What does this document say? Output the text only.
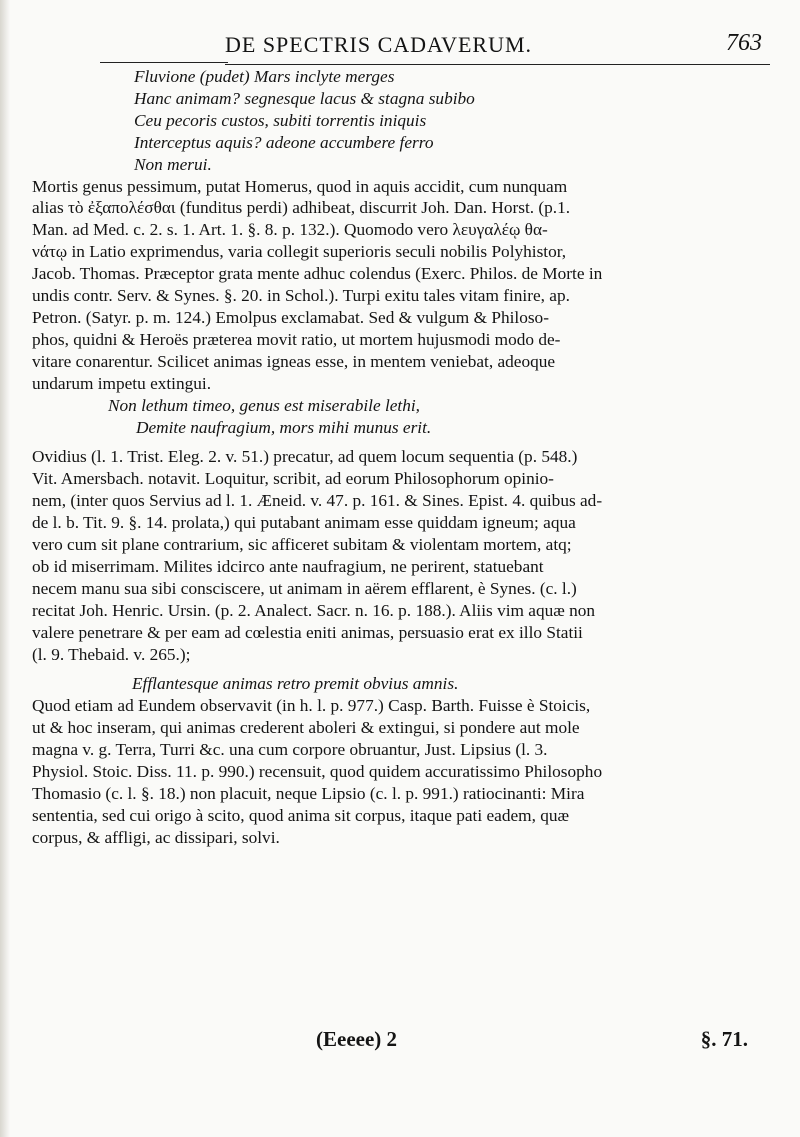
DE SPECTRIS CADAVERUM.	763
Fluvione (pudet) Mars inclyte merges
Hanc animam? segnesque lacus & stagna subibo
Ceu pecoris custos, subiti torrentis iniquis
Interceptus aquis? adeone accumbere ferro
Non merui.
Mortis genus pessimum, putat Homerus, quod in aquis accidit, cum nunquam
alias τὸ ἐξαπολέσθαι (funditus perdi) adhibeat, discurrit Joh. Dan. Horst. (p.1.
Man. ad Med. c. 2. s. 1. Art. 1. §. 8. p. 132.). Quomodo vero λευγαλέῳ θα-
νάτῳ in Latio exprimendus, varia collegit superioris seculi nobilis Polyhistor,
Jacob. Thomas. Præceptor grata mente adhuc colendus (Exerc. Philos. de Morte in
undis contr. Serv. & Synes. §. 20. in Schol.). Turpi exitu tales vitam finire, ap.
Petron. (Satyr. p. m. 124.) Emolpus exclamabat. Sed & vulgum & Philoso-
phos, quidni & Heroës præterea movit ratio, ut mortem hujusmodi modo de-
vitare conarentur. Scilicet animas igneas esse, in mentem veniebat, adeoque
undarum impetu extingui.
Non lethum timeo, genus est miserabile lethi,
Demite naufragium, mors mihi munus erit.
Ovidius (l. 1. Trist. Eleg. 2. v. 51.) precatur, ad quem locum sequentia (p. 548.)
Vit. Amersbach. notavit. Loquitur, scribit, ad eorum Philosophorum opinio-
nem, (inter quos Servius ad l. 1. Æneid. v. 47. p. 161. & Sines. Epist. 4. quibus ad-
de l. b. Tit. 9. §. 14. prolata,) qui putabant animam esse quiddam igneum; aqua
vero cum sit plane contrarium, sic afficeret subitam & violentam mortem, atq;
ob id miserrimam. Milites idcirco ante naufragium, ne perirent, statuebant
necem manu sua sibi consciscere, ut animam in aërem efflarent, è Synes. (c. l.)
recitat Joh. Henric. Ursin. (p. 2. Analect. Sacr. n. 16. p. 188.). Aliis vim aquæ non
valere penetrare & per eam ad cœlestia eniti animas, persuasio erat ex illo Statii
(l. 9. Thebaid. v. 265.);
Efflantesque animas retro premit obvius amnis.
Quod etiam ad Eundem observavit (in h. l. p. 977.) Casp. Barth. Fuisse è Stoicis,
ut & hoc inseram, qui animas crederent aboleri & extingui, si pondere aut mole
magna v. g. Terra, Turri &c. una cum corpore obruantur, Just. Lipsius (l. 3.
Physiol. Stoic. Diss. 11. p. 990.) recensuit, quod quidem accuratissimo Philosopho
Thomasio (c. l. §. 18.) non placuit, neque Lipsio (c. l. p. 991.) ratiocinanti: Mira
sententia, sed cui origo à scito, quod anima sit corpus, itaque pati eadem, quæ
corpus, & affligi, ac dissipari, solvi.
(Eeeee) 2	§. 71.
